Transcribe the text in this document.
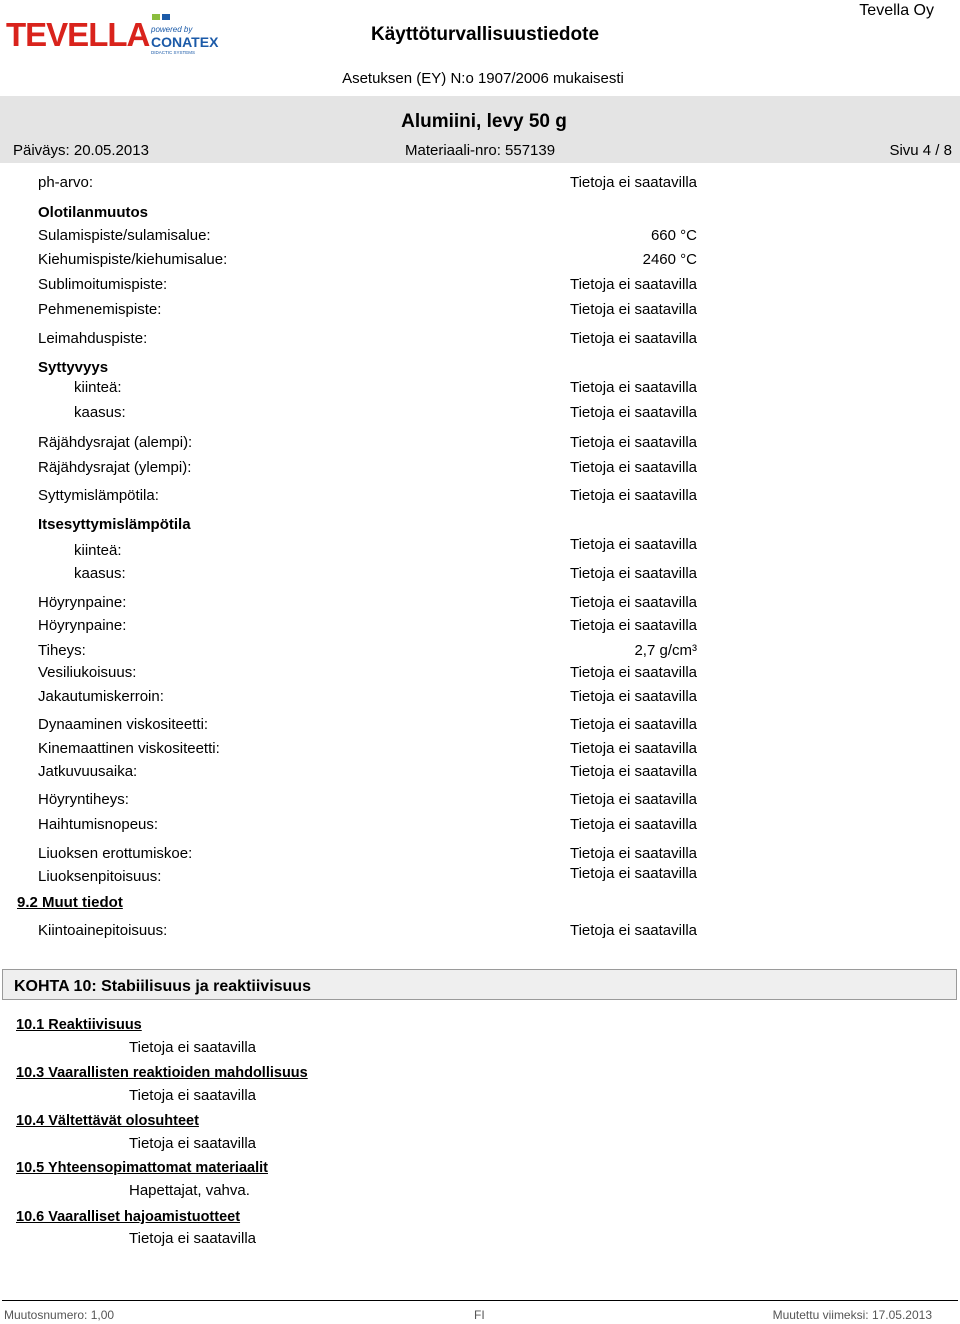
TEVELLA powered by
CONATEX
DIDACTIC SYSTEMS
Käyttöturvallisuustiedote
Tevella Oy
Asetuksen (EY) N:o 1907/2006 mukaisesti
Alumiini, levy 50 g
Päiväys: 20.05.2013	Materiaali-nro: 557139	Sivu 4 / 8
ph-arvo:	Tietoja ei saatavilla
Olotilanmuutos
Sulamispiste/sulamisalue:	660 °C
Kiehumispiste/kiehumisalue:	2460 °C
Sublimoitumispiste:	Tietoja ei saatavilla
Pehmenemispiste:	Tietoja ei saatavilla
Leimahduspiste:	Tietoja ei saatavilla
Syttyvyys
kiinteä:	Tietoja ei saatavilla
kaasus:	Tietoja ei saatavilla
Räjähdysrajat (alempi):	Tietoja ei saatavilla
Räjähdysrajat (ylempi):	Tietoja ei saatavilla
Syttymislämpötila:	Tietoja ei saatavilla
Itsesyttymislämpötila
kiinteä:	Tietoja ei saatavilla
kaasus:	Tietoja ei saatavilla
Höyrynpaine:	Tietoja ei saatavilla
Höyrynpaine:	Tietoja ei saatavilla
Tiheys:	2,7 g/cm³
Vesiliukoisuus:	Tietoja ei saatavilla
Jakautumiskerroin:	Tietoja ei saatavilla
Dynaaminen viskositeetti:	Tietoja ei saatavilla
Kinemaattinen viskositeetti:	Tietoja ei saatavilla
Jatkuvuusaika:	Tietoja ei saatavilla
Höyryntiheys:	Tietoja ei saatavilla
Haihtumisnopeus:	Tietoja ei saatavilla
Liuoksen erottumiskoe:	Tietoja ei saatavilla
Liuoksenpitoisuus:	Tietoja ei saatavilla
9.2 Muut tiedot
Kiintoainepitoisuus:	Tietoja ei saatavilla
KOHTA 10: Stabiilisuus ja reaktiivisuus
10.1 Reaktiivisuus
Tietoja ei saatavilla
10.3 Vaarallisten reaktioiden mahdollisuus
Tietoja ei saatavilla
10.4 Vältettävät olosuhteet
Tietoja ei saatavilla
10.5 Yhteensopimattomat materiaalit
Hapettajat, vahva.
10.6 Vaaralliset hajoamistuotteet
Tietoja ei saatavilla
Muutosnumero: 1,00	FI	Muutettu viimeksi: 17.05.2013
